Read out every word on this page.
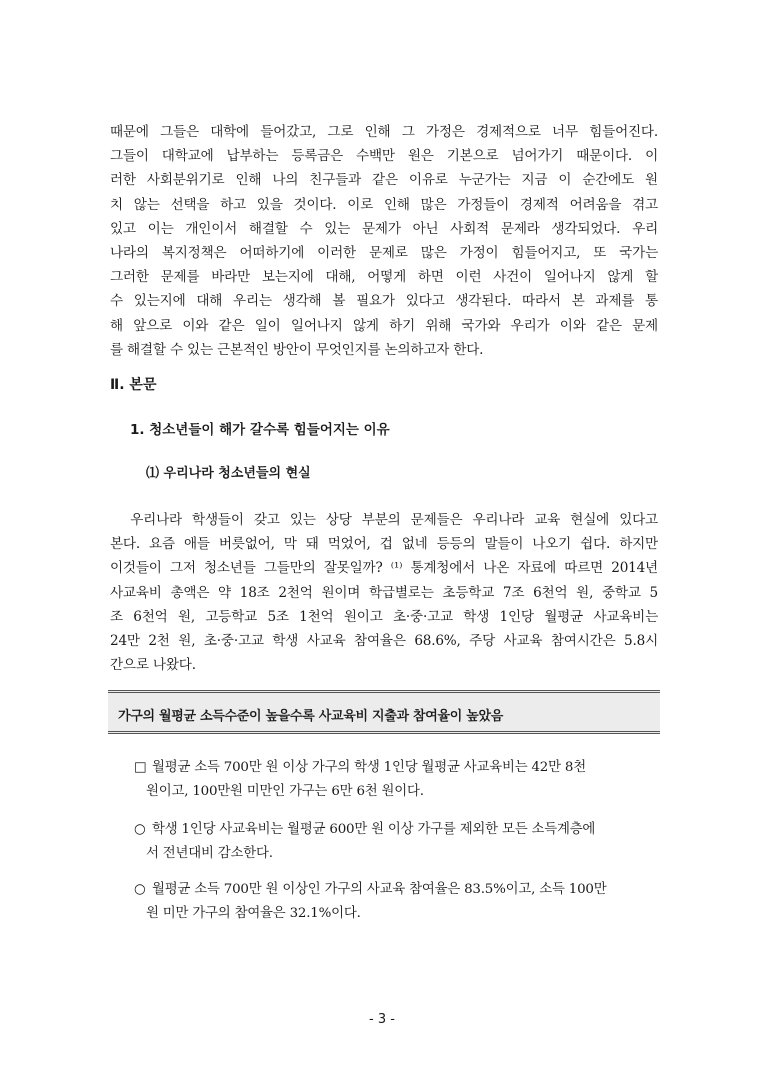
때문에 그들은 대학에 들어갔고, 그로 인해 그 가정은 경제적으로 너무 힘들어진다.
그들이 대학교에 납부하는 등록금은 수백만 원은 기본으로 넘어가기 때문이다. 이
러한 사회분위기로 인해 나의 친구들과 같은 이유로 누군가는 지금 이 순간에도 원
치 않는 선택을 하고 있을 것이다. 이로 인해 많은 가정들이 경제적 어려움을 겪고
있고 이는 개인이서 해결할 수 있는 문제가 아닌 사회적 문제라 생각되었다. 우리
나라의 복지정책은 어떠하기에 이러한 문제로 많은 가정이 힘들어지고, 또 국가는
그러한 문제를 바라만 보는지에 대해, 어떻게 하면 이런 사건이 일어나지 않게 할
수 있는지에 대해 우리는 생각해 볼 필요가 있다고 생각된다. 따라서 본 과제를 통
해 앞으로 이와 같은 일이 일어나지 않게 하기 위해 국가와 우리가 이와 같은 문제
를 해결할 수 있는 근본적인 방안이 무엇인지를 논의하고자 한다.
Ⅱ. 본문
1. 청소년들이 해가 갈수록 힘들어지는 이유
⑴ 우리나라 청소년들의 현실
우리나라 학생들이 갖고 있는 상당 부분의 문제들은 우리나라 교육 현실에 있다고
본다. 요즘 애들 버릇없어, 막 돼 먹었어, 겁 없네 등등의 말들이 나오기 쉽다. 하지만
이것들이 그저 청소년들 그들만의 잘못일까? ⁽¹⁾ 통계청에서 나온 자료에 따르면 2014년
사교육비 총액은 약 18조 2천억 원이며 학급별로는 초등학교 7조 6천억 원, 중학교 5
조 6천억 원, 고등학교 5조 1천억 원이고 초·중·고교 학생 1인당 월평균 사교육비는
24만 2천 원, 초·중·고교 학생 사교육 참여율은 68.6%, 주당 사교육 참여시간은 5.8시
간으로 나왔다.
가구의 월평균 소득수준이 높을수록 사교육비 지출과 참여율이 높았음
□ 월평균 소득 700만 원 이상 가구의 학생 1인당 월평균 사교육비는 42만 8천
원이고, 100만원 미만인 가구는 6만 6천 원이다.
○ 학생 1인당 사교육비는 월평균 600만 원 이상 가구를 제외한 모든 소득계층에
서 전년대비 감소한다.
○ 월평균 소득 700만 원 이상인 가구의 사교육 참여율은 83.5%이고, 소득 100만
원 미만 가구의 참여율은 32.1%이다.
- 3 -
